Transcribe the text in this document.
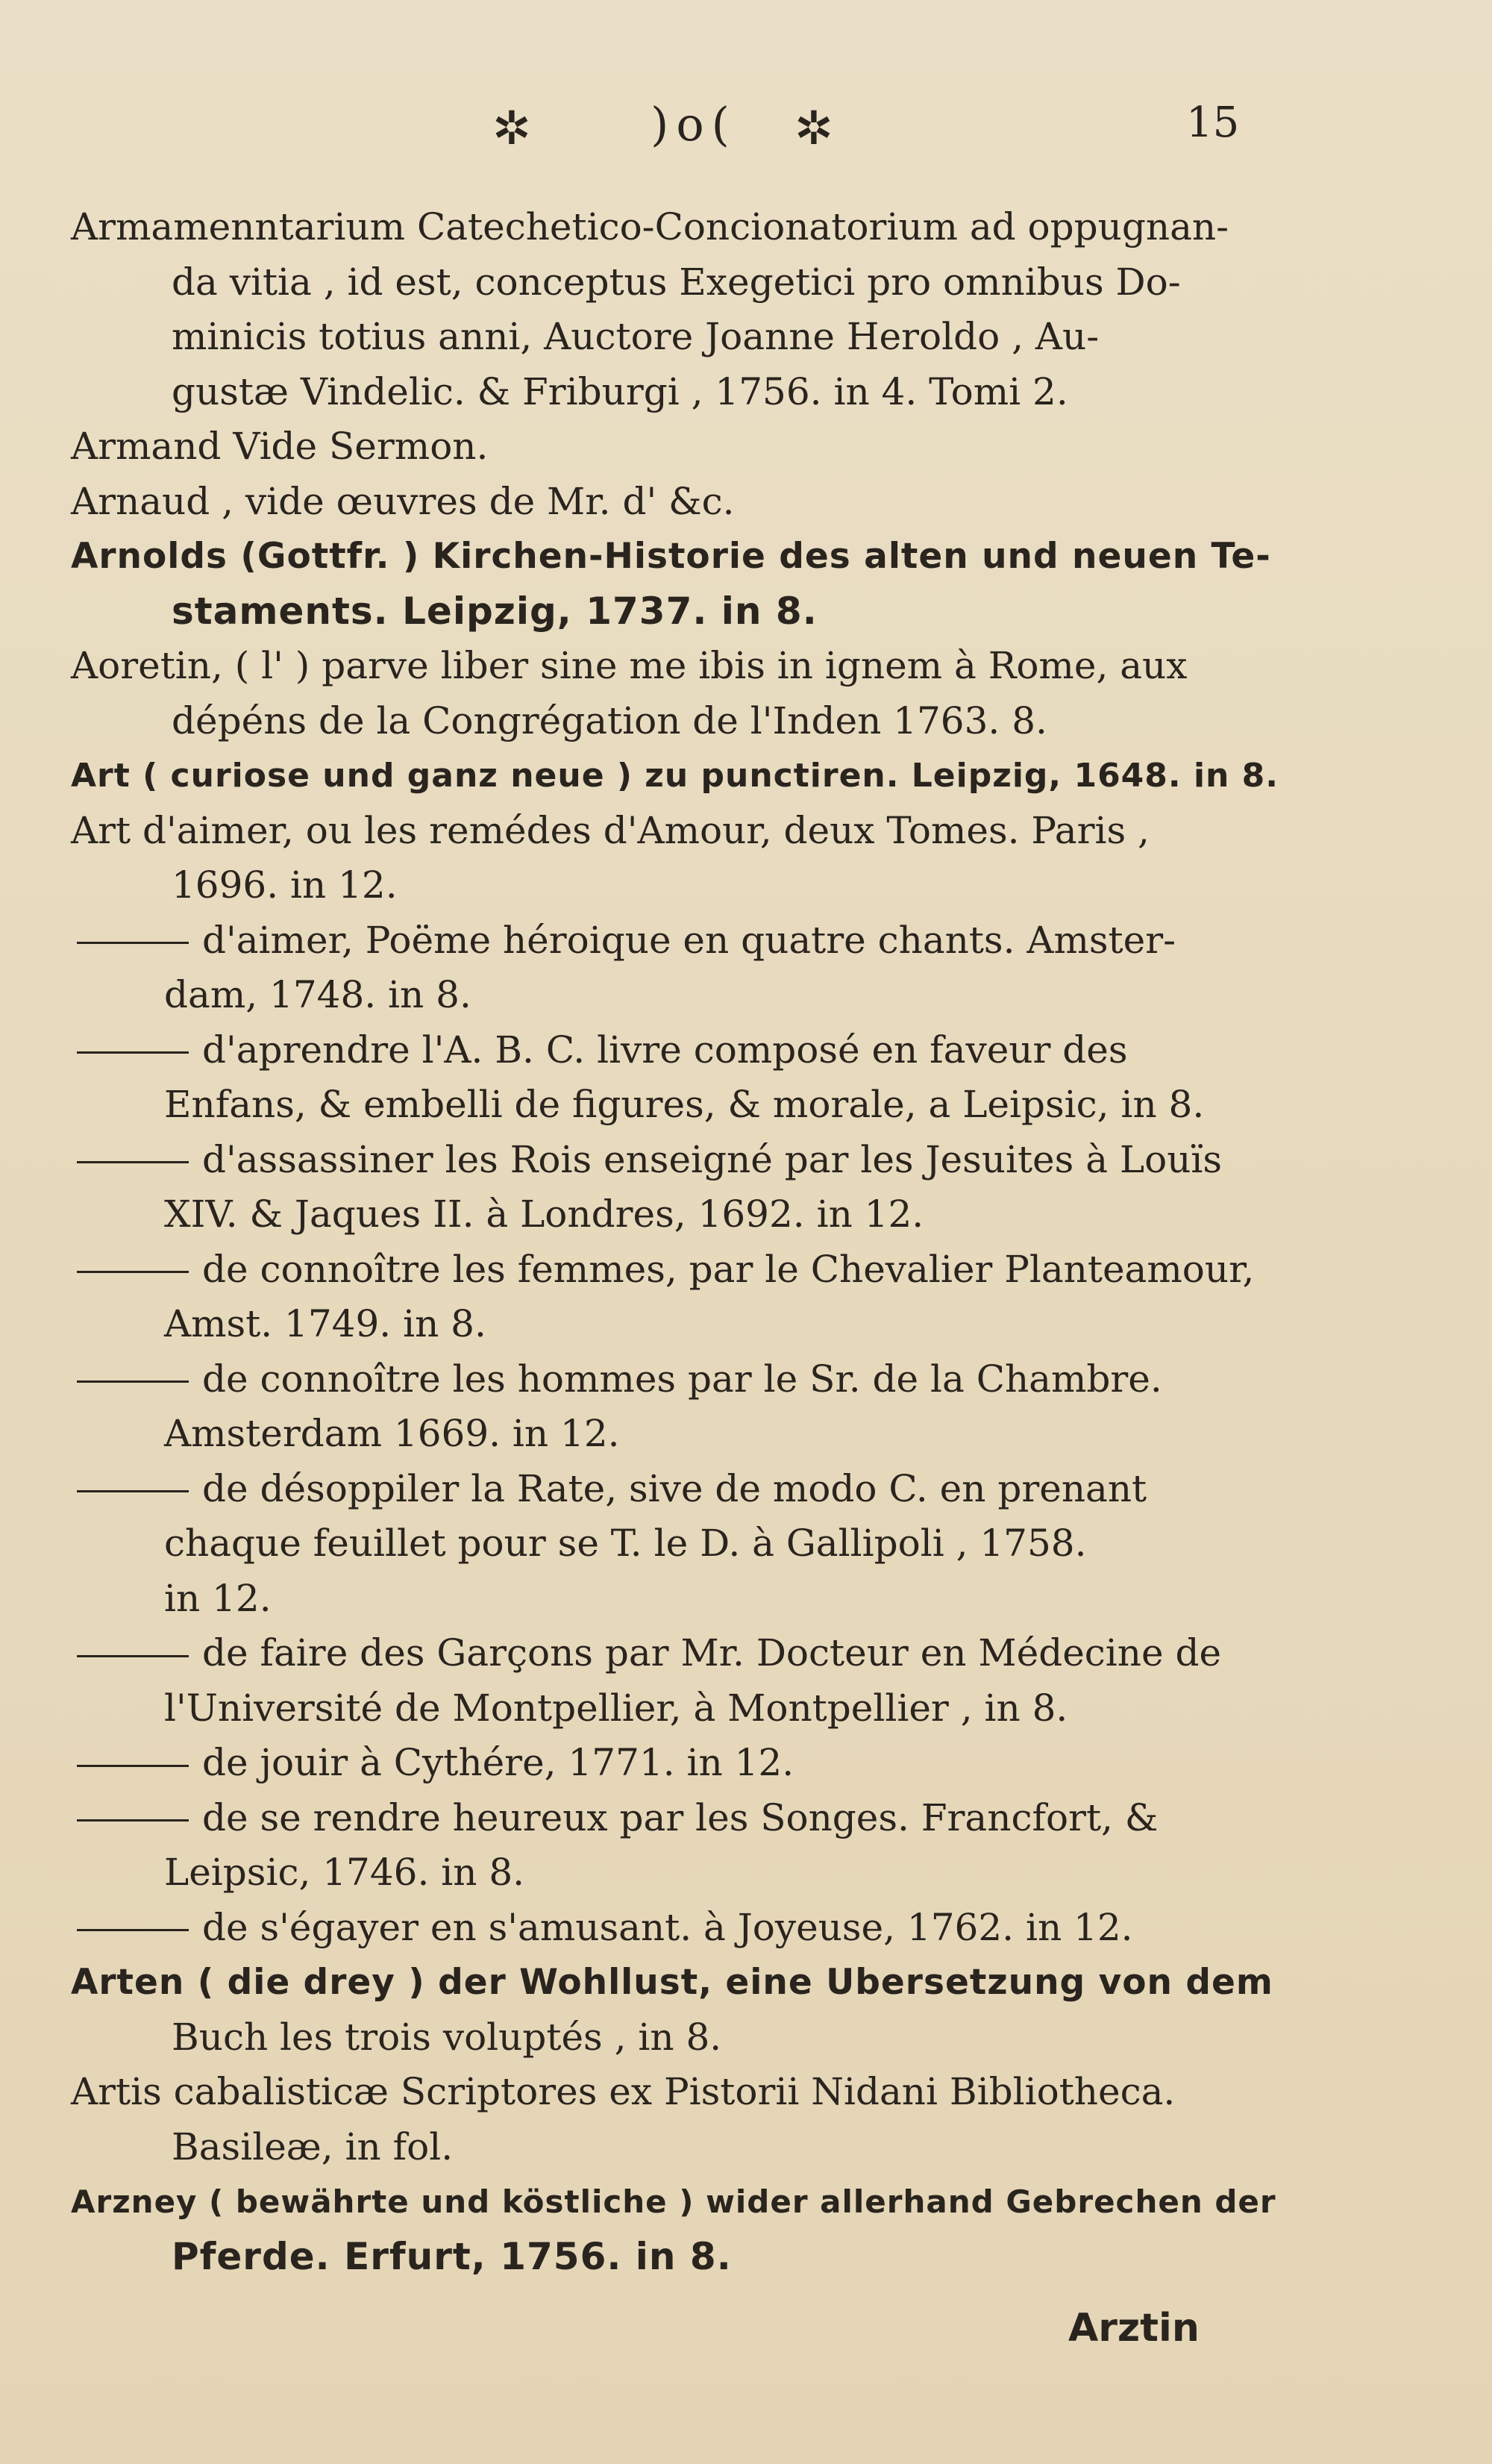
✲	)o(	✲	15
Armamenntarium Catechetico-Concionatorium ad oppugnan-
da vitia , id est, conceptus Exegetici pro omnibus Do-
minicis totius anni, Auctore Joanne Heroldo , Au-
gustæ Vindelic. & Friburgi , 1756. in 4. Tomi 2.
Armand Vide Sermon.
Arnaud , vide œuvres de Mr. d' &c.
Arnolds (Gottfr. ) Kirchen-Historie des alten und neuen Te-
staments. Leipzig, 1737. in 8.
Aoretin, ( l' ) parve liber sine me ibis in ignem à Rome, aux
dépéns de la Congrégation de l'Inden 1763. 8.
Art ( curiose und ganz neue ) zu punctiren. Leipzig, 1648. in 8.
Art d'aimer, ou les remédes d'Amour, deux Tomes. Paris ,
1696. in 12.
d'aimer, Poëme héroique en quatre chants. Amster-
dam, 1748. in 8.
d'aprendre l'A. B. C. livre composé en faveur des
Enfans, & embelli de figures, & morale, a Leipsic, in 8.
d'assassiner les Rois enseigné par les Jesuites à Louïs
XIV. & Jaques II. à Londres, 1692. in 12.
de connoître les femmes, par le Chevalier Planteamour,
Amst. 1749. in 8.
de connoître les hommes par le Sr. de la Chambre.
Amsterdam 1669. in 12.
de désoppiler la Rate, sive de modo C. en prenant
chaque feuillet pour se T. le D. à Gallipoli , 1758.
in 12.
de faire des Garçons par Mr. Docteur en Médecine de
l'Université de Montpellier, à Montpellier , in 8.
de jouir à Cythére, 1771. in 12.
de se rendre heureux par les Songes. Francfort, &
Leipsic, 1746. in 8.
de s'égayer en s'amusant. à Joyeuse, 1762. in 12.
Arten ( die drey ) der Wohllust, eine Ubersetzung von dem
Buch les trois voluptés , in 8.
Artis cabalisticæ Scriptores ex Pistorii Nidani Bibliotheca.
Basileæ, in fol.
Arzney ( bewährte und köstliche ) wider allerhand Gebrechen der
Pferde. Erfurt, 1756. in 8.
Arztin
